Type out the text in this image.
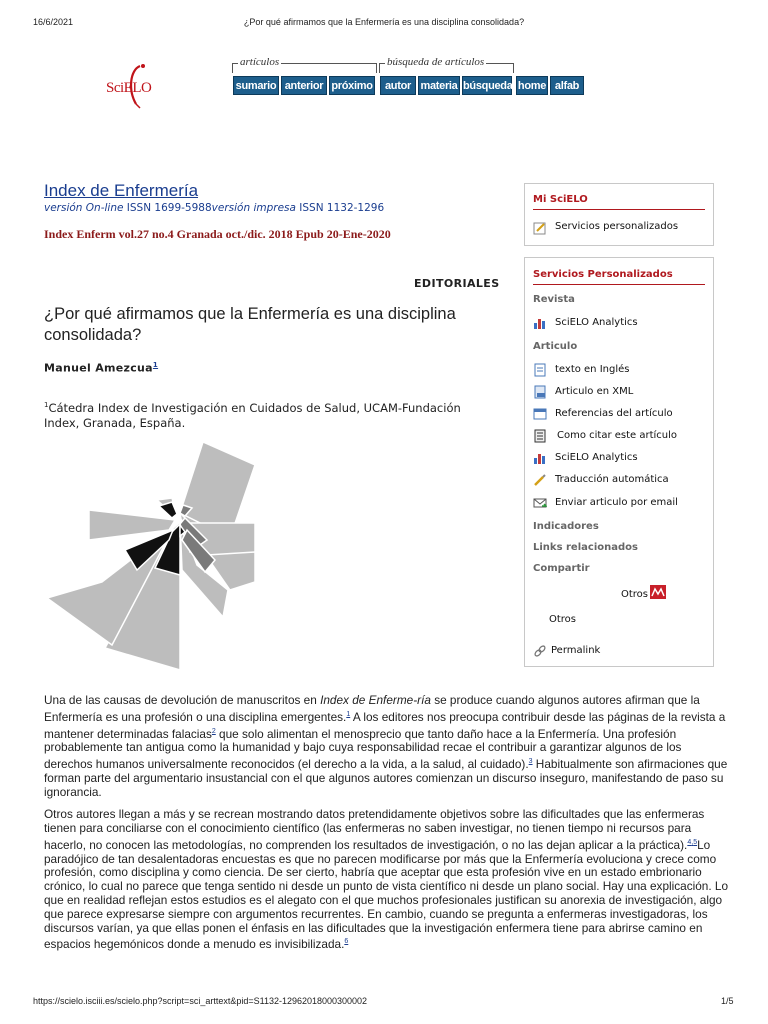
16/6/2021	¿Por qué afirmamos que la Enfermería es una disciplina consolidada?
SciELO
artículos
sumario anterior próximo
búsqueda de artículos
autor materia búsqueda home alfab
Index de Enfermería
versión On-line ISSN 1699-5988versión impresa ISSN 1132-1296
Index Enferm vol.27 no.4 Granada oct./dic. 2018 Epub 20-Ene-2020
EDITORIALES
¿Por qué afirmamos que la Enfermería es una disciplina consolidada?
Manuel Amezcua$^1$
$^1$Cátedra Index de Investigación en Cuidados de Salud, UCAM-Fundación Index, Granada, España.

Una de las causas de devolución de manuscritos en Index de Enferme-ría se produce cuando algunos autores afirman que la Enfermería es una profesión o una disciplina emergentes.$^1$ A los editores nos preocupa contribuir desde las páginas de la revista a mantener determinadas falacias$^2$ que solo alimentan el menosprecio que tanto daño hace a la Enfermería. Una profesión probablemente tan antigua como la humanidad y bajo cuya responsabilidad recae el contribuir a garantizar algunos de los derechos humanos universalmente reconocidos (el derecho a la vida, a la salud, al cuidado).$^3$ Habitualmente son afirmaciones que forman parte del argumentario insustancial con el que algunos autores comienzan un discurso inseguro, manifestando de paso su ignorancia.

Otros autores llegan a más y se recrean mostrando datos pretendidamente objetivos sobre las dificultades que las enfermeras tienen para conciliarse con el conocimiento científico (las enfermeras no saben investigar, no tienen tiempo ni recursos para hacerlo, no conocen las metodologías, no comprenden los resultados de investigación, o no las dejan aplicar a la práctica).$^{4,5}$Lo paradójico de tan desalentadoras encuestas es que no parecen modificarse por más que la Enfermería evoluciona y crece como profesión, como disciplina y como ciencia. De ser cierto, habría que aceptar que esta profesión vive en un estado embrionario crónico, lo cual no parece que tenga sentido ni desde un punto de vista científico ni desde un plano social. Hay una explicación. Lo que en realidad reflejan estos estudios es el alegato con el que muchos profesionales justifican su anorexia de investigación, algo que parece expresarse siempre con argumentos recurrentes. En cambio, cuando se pregunta a enfermeras investigadoras, los discursos varían, ya que ellas ponen el énfasis en las dificultades que la investigación enfermera tiene para abrirse camino en espacios hegemónicos donde a menudo es invisibilizada.$^6$

Mi SciELO
Servicios personalizados
Servicios Personalizados
Revista
SciELO Analytics
Articulo
texto en Inglés
Articulo en XML
Referencias del artículo
Como citar este artículo
SciELO Analytics
Traducción automática
Enviar articulo por email
Indicadores
Links relacionados
Compartir
Otros
Otros
Permalink
https://scielo.isciii.es/scielo.php?script=sci_arttext&pid=S1132-12962018000300002	1/5
